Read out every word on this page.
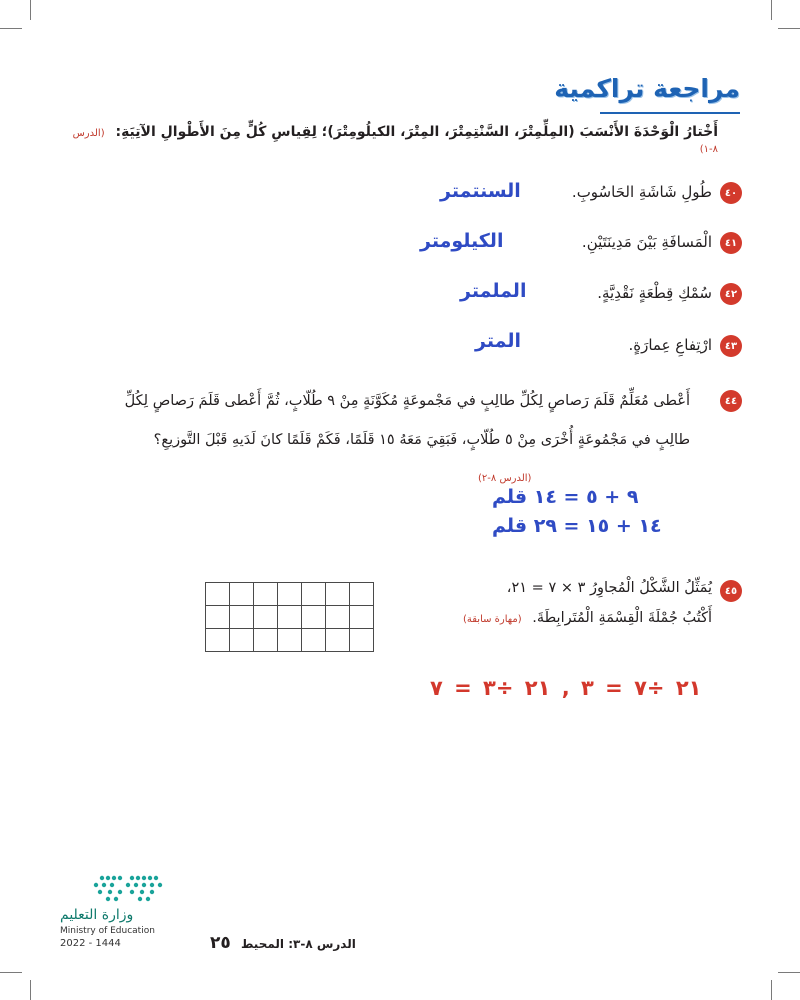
مراجعة تراكمية
أَخْتارُ الْوَحْدَةَ الأَنْسَبَ (المِلِّمِتْرَ، السَّنْتِمِتْرَ، المِتْرَ، الكيلُومِتْرَ)؛ لِقِياسِ كُلٍّ مِنَ الأَطْوالِ الآتِيَةِ: (الدرس ٨-١)
٤٠
طُولِ شَاشَةِ الحَاسُوبِ.
السنتمتر
٤١
الْمَسافَةِ بَيْنَ مَدِينَتَيْنِ.
الكيلومتر
٤٢
سُمْكِ قِطْعَةٍ نَقْدِيَّةٍ.
الملمتر
٤٣
ارْتِفاعِ عِمارَةٍ.
المتر
٤٤
أَعْطى مُعَلِّمٌ قَلَمَ رَصاصٍ لِكُلِّ طالِبٍ في مَجْموعَةٍ مُكَوَّنَةٍ مِنْ ٩ طُلّابٍ، ثُمَّ أَعْطى قَلَمَ رَصاصٍ لِكُلِّ
طالِبٍ في مَجْمُوعَةٍ أُخْرَى مِنْ ٥ طُلّابٍ، فَبَقِيَ مَعَهُ ١٥ قَلَمًا، فَكَمْ قَلَمًا كانَ لَدَيهِ قَبْلَ التَّوزيعِ؟
(الدرس ٨-٢)
٩ + ٥ = ١٤ قلم
١٤ + ١٥ = ٢٩ قلم
٤٥
يُمَثِّلُ الشَّكْلُ الْمُجاوِرُ ٣ × ٧ = ٢١،
أَكْتُبُ جُمْلَةَ الْقِسْمَةِ الْمُتَرابِطَةَ. (مهارة سابقة)

٢١ ÷٧ = ٣ , ٢١ ÷٣ = ٧
وزارة التعليم
Ministry of Education
2022 - 1444	الدرس ٨-٣: المحيط ٢٥
